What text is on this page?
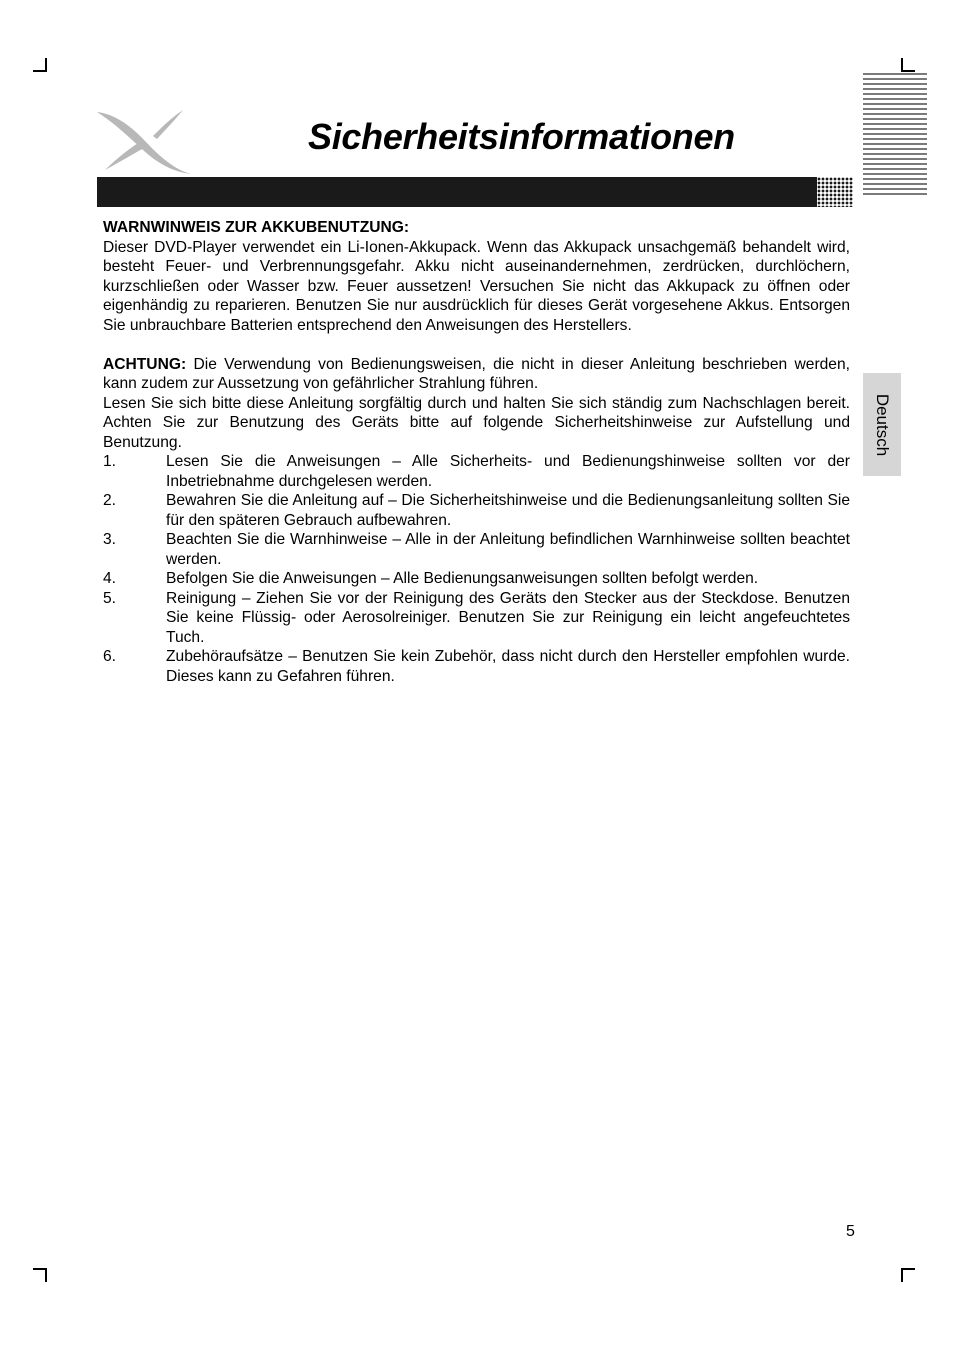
Sicherheitsinformationen
Deutsch

WARNWINWEIS ZUR AKKUBENUTZUNG:

Dieser DVD-Player verwendet ein Li-Ionen-Akkupack. Wenn das Akkupack unsachgemäß behandelt wird, besteht Feuer- und Verbrennungsgefahr. Akku nicht auseinandernehmen, zerdrücken, durchlöchern, kurzschließen oder Wasser bzw. Feuer aussetzen! Versuchen Sie nicht das Akkupack zu öffnen oder eigenhändig zu reparieren. Benutzen Sie nur ausdrücklich für dieses Gerät vorgesehene Akkus. Entsorgen Sie unbrauchbare Batterien entsprechend den Anweisungen des Herstellers.

ACHTUNG: Die Verwendung von Bedienungsweisen, die nicht in dieser Anleitung beschrieben werden, kann zudem zur Aussetzung von gefährlicher Strahlung führen.

Lesen Sie sich bitte diese Anleitung sorgfältig durch und halten Sie sich ständig zum Nachschlagen bereit. Achten Sie zur Benutzung des Geräts bitte auf folgende Sicherheitshinweise zur Aufstellung und Benutzung.

1.	Lesen Sie die Anweisungen – Alle Sicherheits- und Bedienungshinweise sollten vor der Inbetriebnahme durchgelesen werden.
2.	Bewahren Sie die Anleitung auf – Die Sicherheitshinweise und die Bedienungsanleitung sollten Sie für den späteren Gebrauch aufbewahren.
3.	Beachten Sie die Warnhinweise – Alle in der Anleitung befindlichen Warnhinweise sollten beachtet werden.
4.	Befolgen Sie die Anweisungen – Alle Bedienungsanweisungen sollten befolgt werden.
5.	Reinigung – Ziehen Sie vor der Reinigung des Geräts den Stecker aus der Steckdose. Benutzen Sie keine Flüssig- oder Aerosolreiniger. Benutzen Sie zur Reinigung ein leicht angefeuchtetes Tuch.
6.	Zubehöraufsätze – Benutzen Sie kein Zubehör, dass nicht durch den Hersteller empfohlen wurde. Dieses kann zu Gefahren führen.
5
